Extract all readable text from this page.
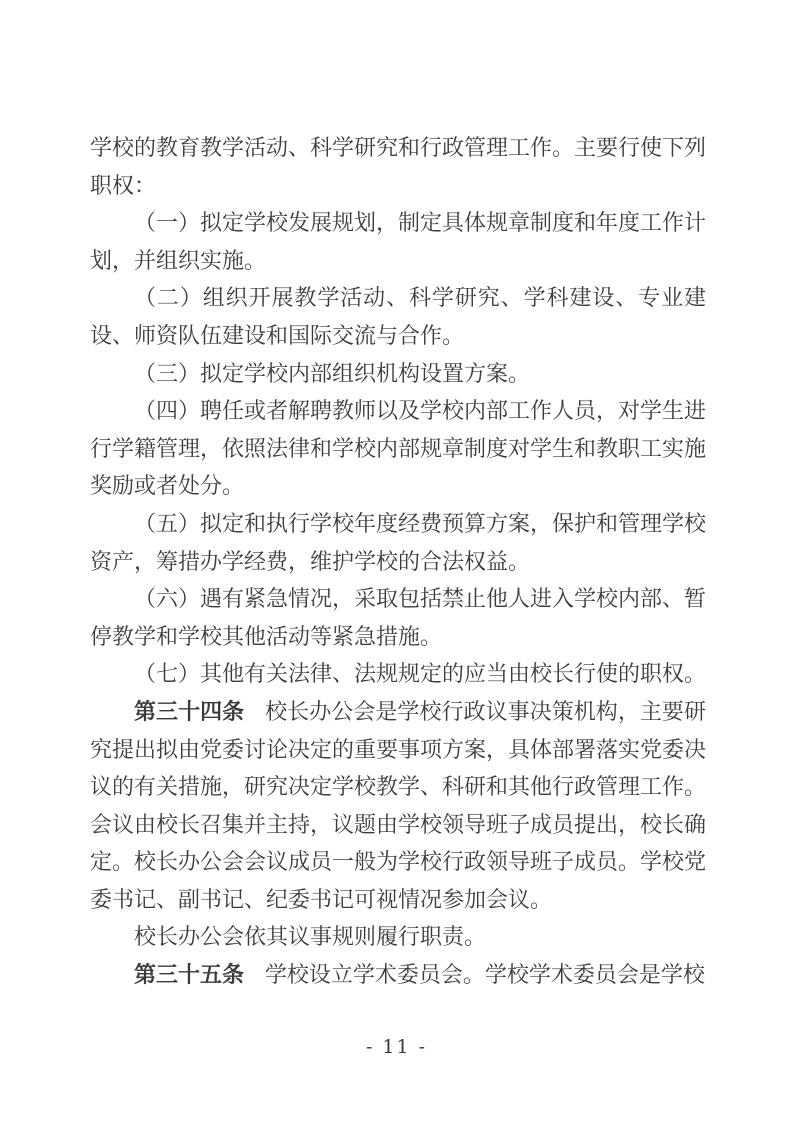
学校的教育教学活动、科学研究和行政管理工作。主要行使下列职权：

（一）拟定学校发展规划，制定具体规章制度和年度工作计划，并组织实施。

（二）组织开展教学活动、科学研究、学科建设、专业建设、师资队伍建设和国际交流与合作。

（三）拟定学校内部组织机构设置方案。

（四）聘任或者解聘教师以及学校内部工作人员，对学生进行学籍管理，依照法律和学校内部规章制度对学生和教职工实施奖励或者处分。

（五）拟定和执行学校年度经费预算方案，保护和管理学校资产，筹措办学经费，维护学校的合法权益。

（六）遇有紧急情况，采取包括禁止他人进入学校内部、暂停教学和学校其他活动等紧急措施。

（七）其他有关法律、法规规定的应当由校长行使的职权。

第三十四条 校长办公会是学校行政议事决策机构，主要研究提出拟由党委讨论决定的重要事项方案，具体部署落实党委决议的有关措施，研究决定学校教学、科研和其他行政管理工作。会议由校长召集并主持，议题由学校领导班子成员提出，校长确定。校长办公会会议成员一般为学校行政领导班子成员。学校党委书记、副书记、纪委书记可视情况参加会议。

校长办公会依其议事规则履行职责。

第三十五条 学校设立学术委员会。学校学术委员会是学校

- 11 -
